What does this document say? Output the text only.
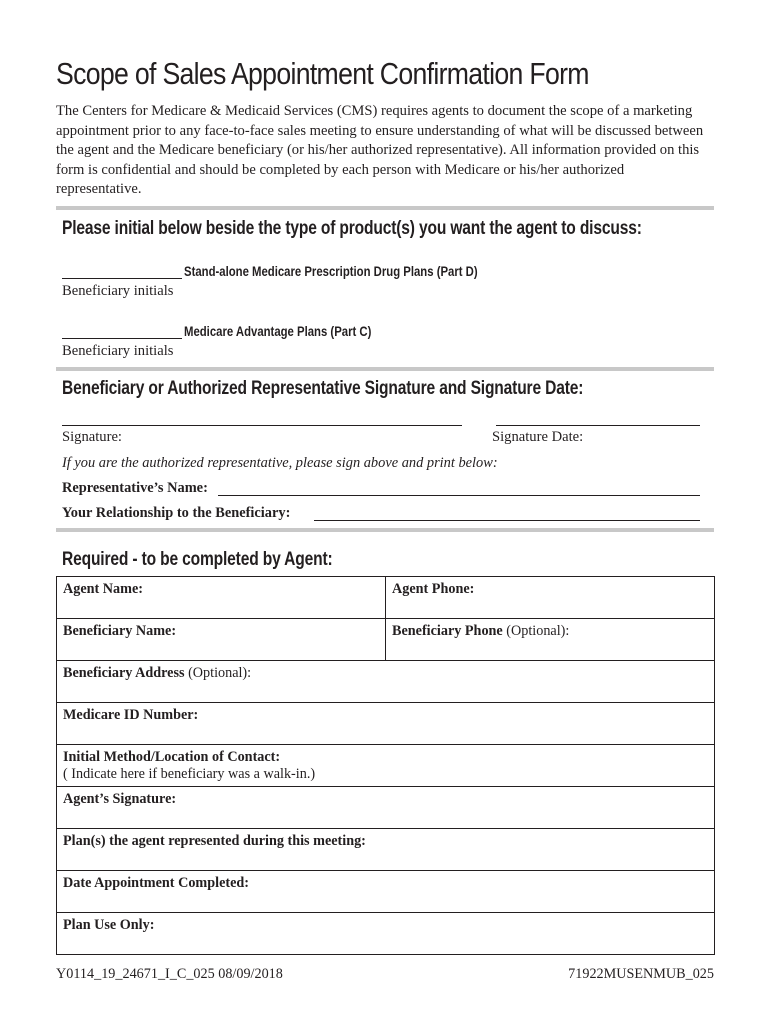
Scope of Sales Appointment Confirmation Form

The Centers for Medicare & Medicaid Services (CMS) requires agents to document the scope of a marketing appointment prior to any face-to-face sales meeting to ensure understanding of what will be discussed between the agent and the Medicare beneficiary (or his/her authorized representative). All information provided on this form is confidential and should be completed by each person with Medicare or his/her authorized representative.

Please initial below beside the type of product(s) you want the agent to discuss:
Stand-alone Medicare Prescription Drug Plans (Part D)
Beneficiary initials
Medicare Advantage Plans (Part C)
Beneficiary initials
Beneficiary or Authorized Representative Signature and Signature Date:
Signature:	Signature Date:
If you are the authorized representative, please sign above and print below:
Representative’s Name:
Your Relationship to the Beneficiary:
Required - to be completed by Agent:
Agent Name:	Agent Phone:
Beneficiary Name:	Beneficiary Phone (Optional):
Beneficiary Address (Optional):	
Medicare ID Number:	
Initial Method/Location of Contact:
( Indicate here if beneficiary was a walk-in.)	
Agent’s Signature:	
Plan(s) the agent represented during this meeting:	
Date Appointment Completed:	
Plan Use Only:	
Y0114_19_24671_I_C_025 08/09/2018	71922MUSENMUB_025
